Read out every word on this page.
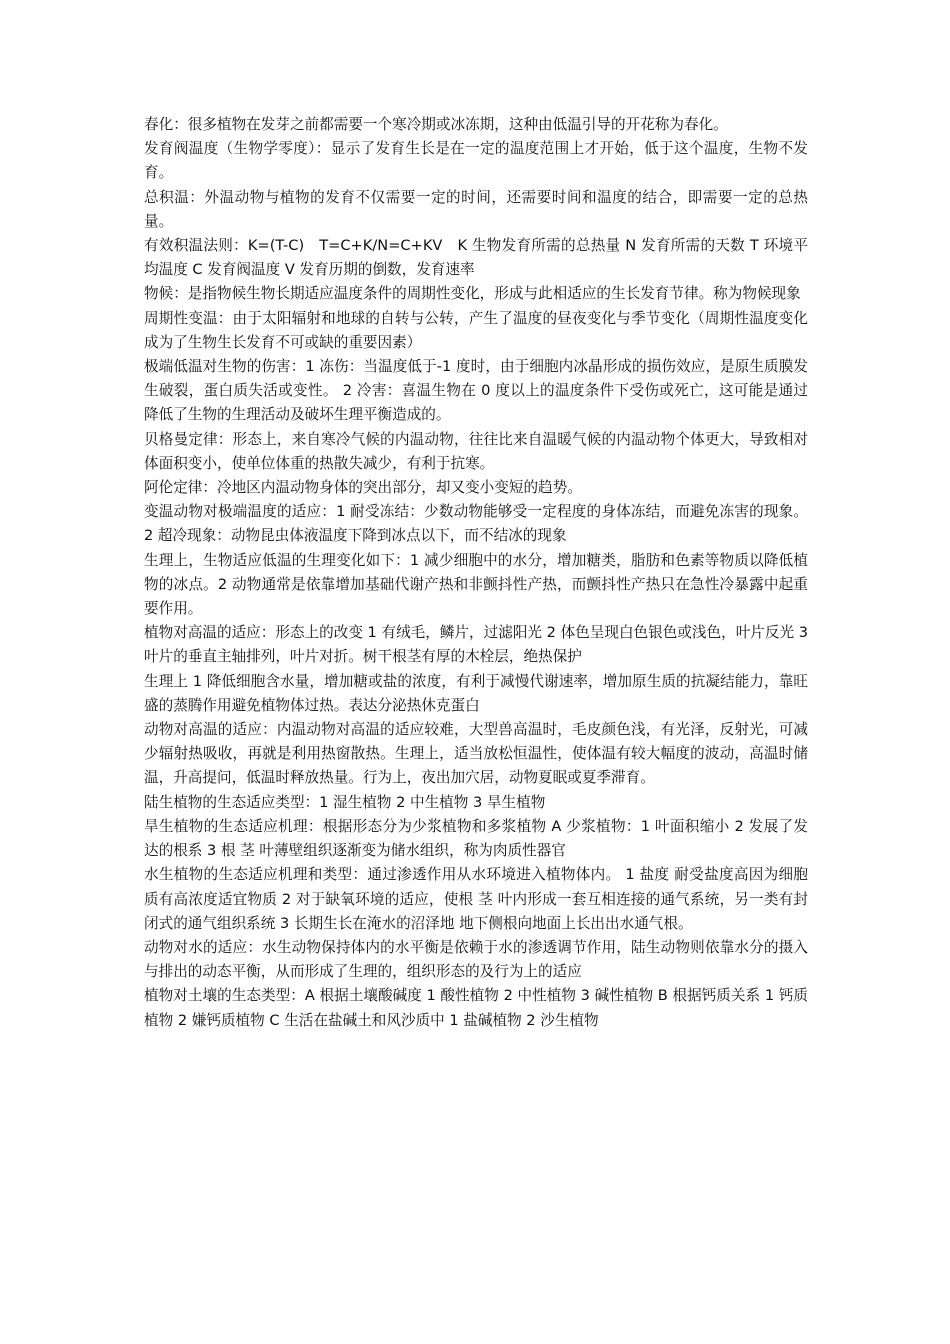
春化：很多植物在发芽之前都需要一个寒冷期或冰冻期，这种由低温引导的开花称为春化。

发育阀温度（生物学零度）：显示了发育生长是在一定的温度范围上才开始，低于这个温度，生物不发育。

总积温：外温动物与植物的发育不仅需要一定的时间，还需要时间和温度的结合，即需要一定的总热量。

有效积温法则：K=(T-C)　T=C+K/N=C+KV　K 生物发育所需的总热量 N 发育所需的天数 T 环境平均温度 C 发育阀温度 V 发育历期的倒数，发育速率

物候：是指物候生物长期适应温度条件的周期性变化，形成与此相适应的生长发育节律。称为物候现象

周期性变温：由于太阳辐射和地球的自转与公转，产生了温度的昼夜变化与季节变化（周期性温度变化成为了生物生长发育不可或缺的重要因素）

极端低温对生物的伤害：1 冻伤：当温度低于-1 度时，由于细胞内冰晶形成的损伤效应，是原生质膜发生破裂，蛋白质失活或变性。 2 冷害：喜温生物在 0 度以上的温度条件下受伤或死亡，这可能是通过降低了生物的生理活动及破坏生理平衡造成的。

贝格曼定律：形态上，来自寒冷气候的内温动物，往往比来自温暖气候的内温动物个体更大，导致相对体面积变小，使单位体重的热散失减少，有利于抗寒。

阿伦定律：冷地区内温动物身体的突出部分，却又变小变短的趋势。

变温动物对极端温度的适应：1 耐受冻结：少数动物能够受一定程度的身体冻结，而避免冻害的现象。2 超冷现象：动物昆虫体液温度下降到冰点以下，而不结冰的现象

生理上，生物适应低温的生理变化如下：1 减少细胞中的水分，增加糖类，脂肪和色素等物质以降低植物的冰点。2 动物通常是依靠增加基础代谢产热和非颤抖性产热，而颤抖性产热只在急性冷暴露中起重要作用。

植物对高温的适应：形态上的改变 1 有绒毛，鳞片，过滤阳光 2 体色呈现白色银色或浅色，叶片反光 3 叶片的垂直主轴排列，叶片对折。树干根茎有厚的木栓层，绝热保护

生理上 1 降低细胞含水量，增加糖或盐的浓度，有利于减慢代谢速率，增加原生质的抗凝结能力，靠旺盛的蒸腾作用避免植物体过热。表达分泌热休克蛋白

动物对高温的适应：内温动物对高温的适应较难，大型兽高温时，毛皮颜色浅，有光泽，反射光，可减少辐射热吸收，再就是利用热窗散热。生理上，适当放松恒温性，使体温有较大幅度的波动，高温时储温，升高提问，低温时释放热量。行为上，夜出加穴居，动物夏眠或夏季滞育。

陆生植物的生态适应类型：1 湿生植物 2 中生植物 3 旱生植物

旱生植物的生态适应机理：根据形态分为少浆植物和多浆植物 A 少浆植物：1 叶面积缩小 2 发展了发达的根系 3 根 茎 叶薄壁组织逐渐变为储水组织，称为肉质性器官

水生植物的生态适应机理和类型：通过渗透作用从水环境进入植物体内。 1 盐度 耐受盐度高因为细胞质有高浓度适宜物质 2 对于缺氧环境的适应，使根 茎 叶内形成一套互相连接的通气系统，另一类有封闭式的通气组织系统 3 长期生长在淹水的沼泽地 地下侧根向地面上长出出水通气根。

动物对水的适应：水生动物保持体内的水平衡是依赖于水的渗透调节作用，陆生动物则依靠水分的摄入与排出的动态平衡，从而形成了生理的，组织形态的及行为上的适应

植物对土壤的生态类型：A 根据土壤酸碱度 1 酸性植物 2 中性植物 3 碱性植物 B 根据钙质关系 1 钙质植物 2 嫌钙质植物 C 生活在盐碱土和风沙质中 1 盐碱植物 2 沙生植物
